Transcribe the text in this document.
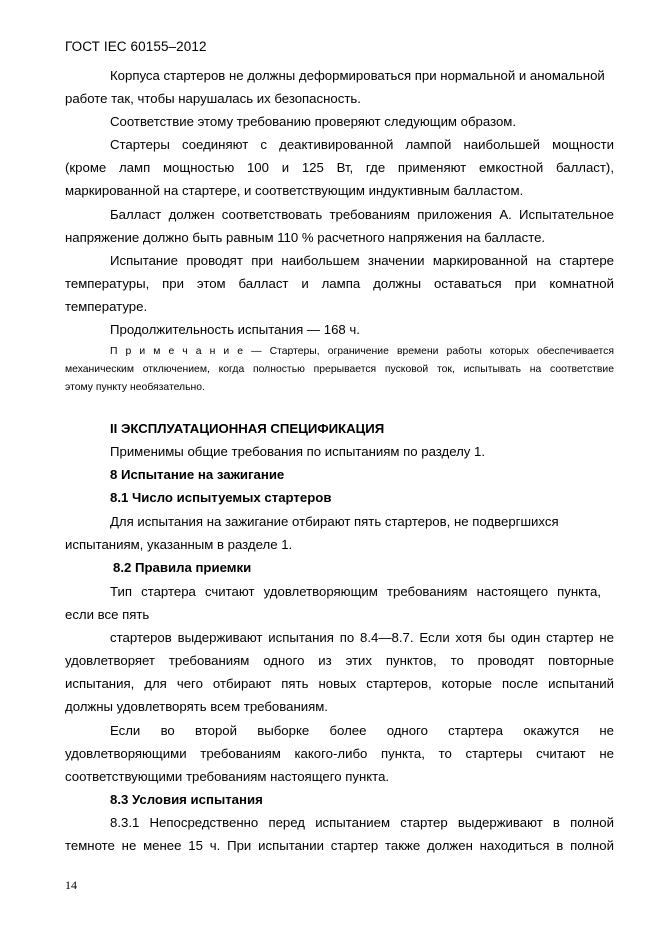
ГОСТ IEC 60155–2012

Корпуса стартеров не должны деформироваться при нормальной и аномальной

работе так, чтобы нарушалась их безопасность.

Соответствие этому требованию проверяют следующим образом.

Стартеры соединяют с деактивированной лампой наибольшей мощности

(кроме ламп мощностью 100 и 125 Вт, где применяют емкостной балласт),

маркированной на стартере, и соответствующим индуктивным балластом.

Балласт должен соответствовать требованиям приложения А. Испытательное

напряжение должно быть равным 110 % расчетного напряжения на балласте.

Испытание проводят при наибольшем значении маркированной на стартере

температуры, при этом балласт и лампа должны оставаться при комнатной

температуре.

Продолжительность испытания — 168 ч.

П р и м е ч а н и е — Стартеры, ограничение времени работы которых обеспечивается
механическим отключением, когда полностью прерывается пусковой ток, испытывать на соответствие
этому пункту необязательно.

II ЭКСПЛУАТАЦИОННАЯ СПЕЦИФИКАЦИЯ

Применимы общие требования по испытаниям по разделу 1.

8 Испытание на зажигание

8.1 Число испытуемых стартеров

Для испытания на зажигание отбирают пять стартеров, не подвергшихся

испытаниям, указанным в разделе 1.

8.2 Правила приемки

Тип стартера считают удовлетворяющим требованиям настоящего пункта,

если все пять

стартеров выдерживают испытания по 8.4—8.7. Если хотя бы один стартер не

удовлетворяет требованиям одного из этих пунктов, то проводят повторные

испытания, для чего отбирают пять новых стартеров, которые после испытаний

должны удовлетворять всем требованиям.

Если во второй выборке более одного стартера окажутся не

удовлетворяющими требованиям какого-либо пункта, то стартеры считают не

соответствующими требованиям настоящего пункта.

8.3 Условия испытания

8.3.1 Непосредственно перед испытанием стартер выдерживают в полной

темноте не менее 15 ч. При испытании стартер также должен находиться в полной

14
